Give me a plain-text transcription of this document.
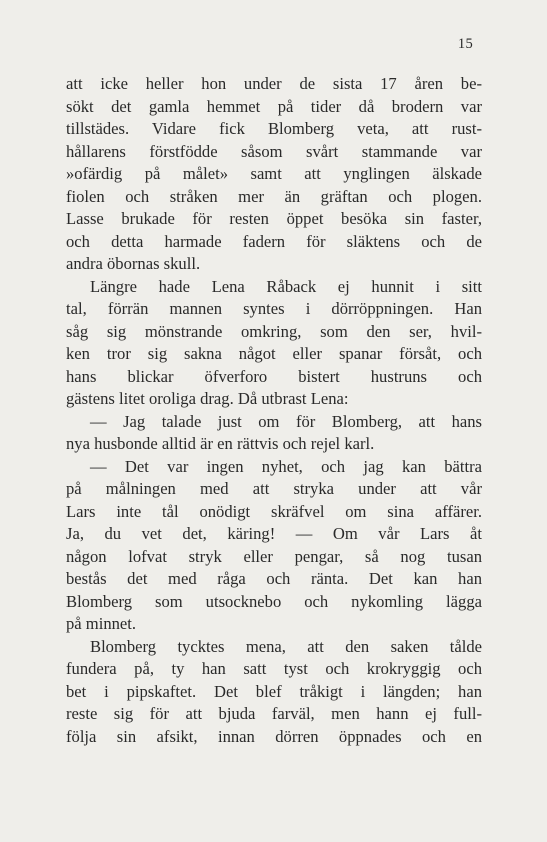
15
att icke heller hon under de sista 17 åren be-
sökt det gamla hemmet på tider då brodern var
tillstädes. Vidare fick Blomberg veta, att rust-
hållarens förstfödde såsom svårt stammande var
»ofärdig på målet» samt att ynglingen älskade
fiolen och stråken mer än gräftan och plogen.
Lasse brukade för resten öppet besöka sin faster,
och detta harmade fadern för släktens och de
andra öbornas skull.
Längre hade Lena Råback ej hunnit i sitt
tal, förrän mannen syntes i dörröppningen. Han
såg sig mönstrande omkring, som den ser, hvil-
ken tror sig sakna något eller spanar försåt, och
hans blickar öfverforo bistert hustruns och
gästens litet oroliga drag. Då utbrast Lena:
— Jag talade just om för Blomberg, att hans
nya husbonde alltid är en rättvis och rejel karl.
— Det var ingen nyhet, och jag kan bättra
på målningen med att stryka under att vår
Lars inte tål onödigt skräfvel om sina affärer.
Ja, du vet det, käring! — Om vår Lars åt
någon lofvat stryk eller pengar, så nog tusan
bestås det med råga och ränta. Det kan han
Blomberg som utsocknebo och nykomling lägga
på minnet.
Blomberg tycktes mena, att den saken tålde
fundera på, ty han satt tyst och krokryggig och
bet i pipskaftet. Det blef tråkigt i längden; han
reste sig för att bjuda farväl, men hann ej full-
följa sin afsikt, innan dörren öppnades och en
